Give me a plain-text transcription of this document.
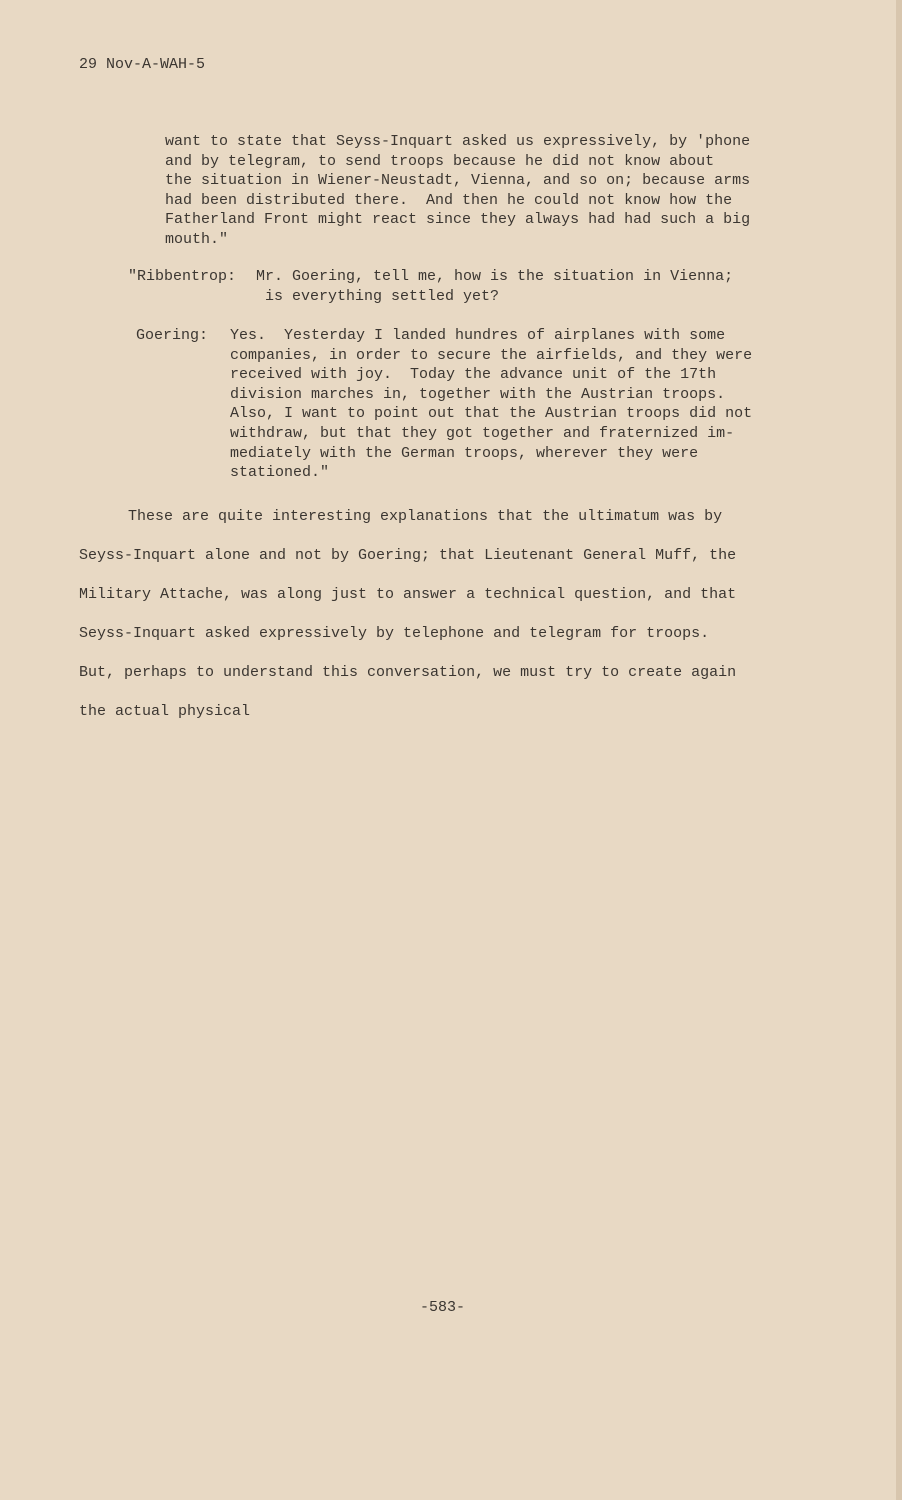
29 Nov-A-WAH-5
want to state that Seyss-Inquart asked us expressively, by 'phone
and by telegram, to send troops because he did not know about
the situation in Wiener-Neustadt, Vienna, and so on; because arms
had been distributed there.  And then he could not know how the
Fatherland Front might react since they always had had such a big
mouth."
"Ribbentrop:	Mr. Goering, tell me, how is the situation in Vienna;
is everything settled yet?
Goering:	Yes.  Yesterday I landed hundres of airplanes with some
companies, in order to secure the airfields, and they were
received with joy.  Today the advance unit of the 17th
division marches in, together with the Austrian troops.
Also, I want to point out that the Austrian troops did not
withdraw, but that they got together and fraternized im-
mediately with the German troops, wherever they were
stationed."
These are quite interesting explanations that the ultimatum was by
Seyss-Inquart alone and not by Goering; that Lieutenant General Muff, the
Military Attache, was along just to answer a technical question, and that
Seyss-Inquart asked expressively by telephone and telegram for troops.
But, perhaps to understand this conversation, we must try to create again
the actual physical
-583-
